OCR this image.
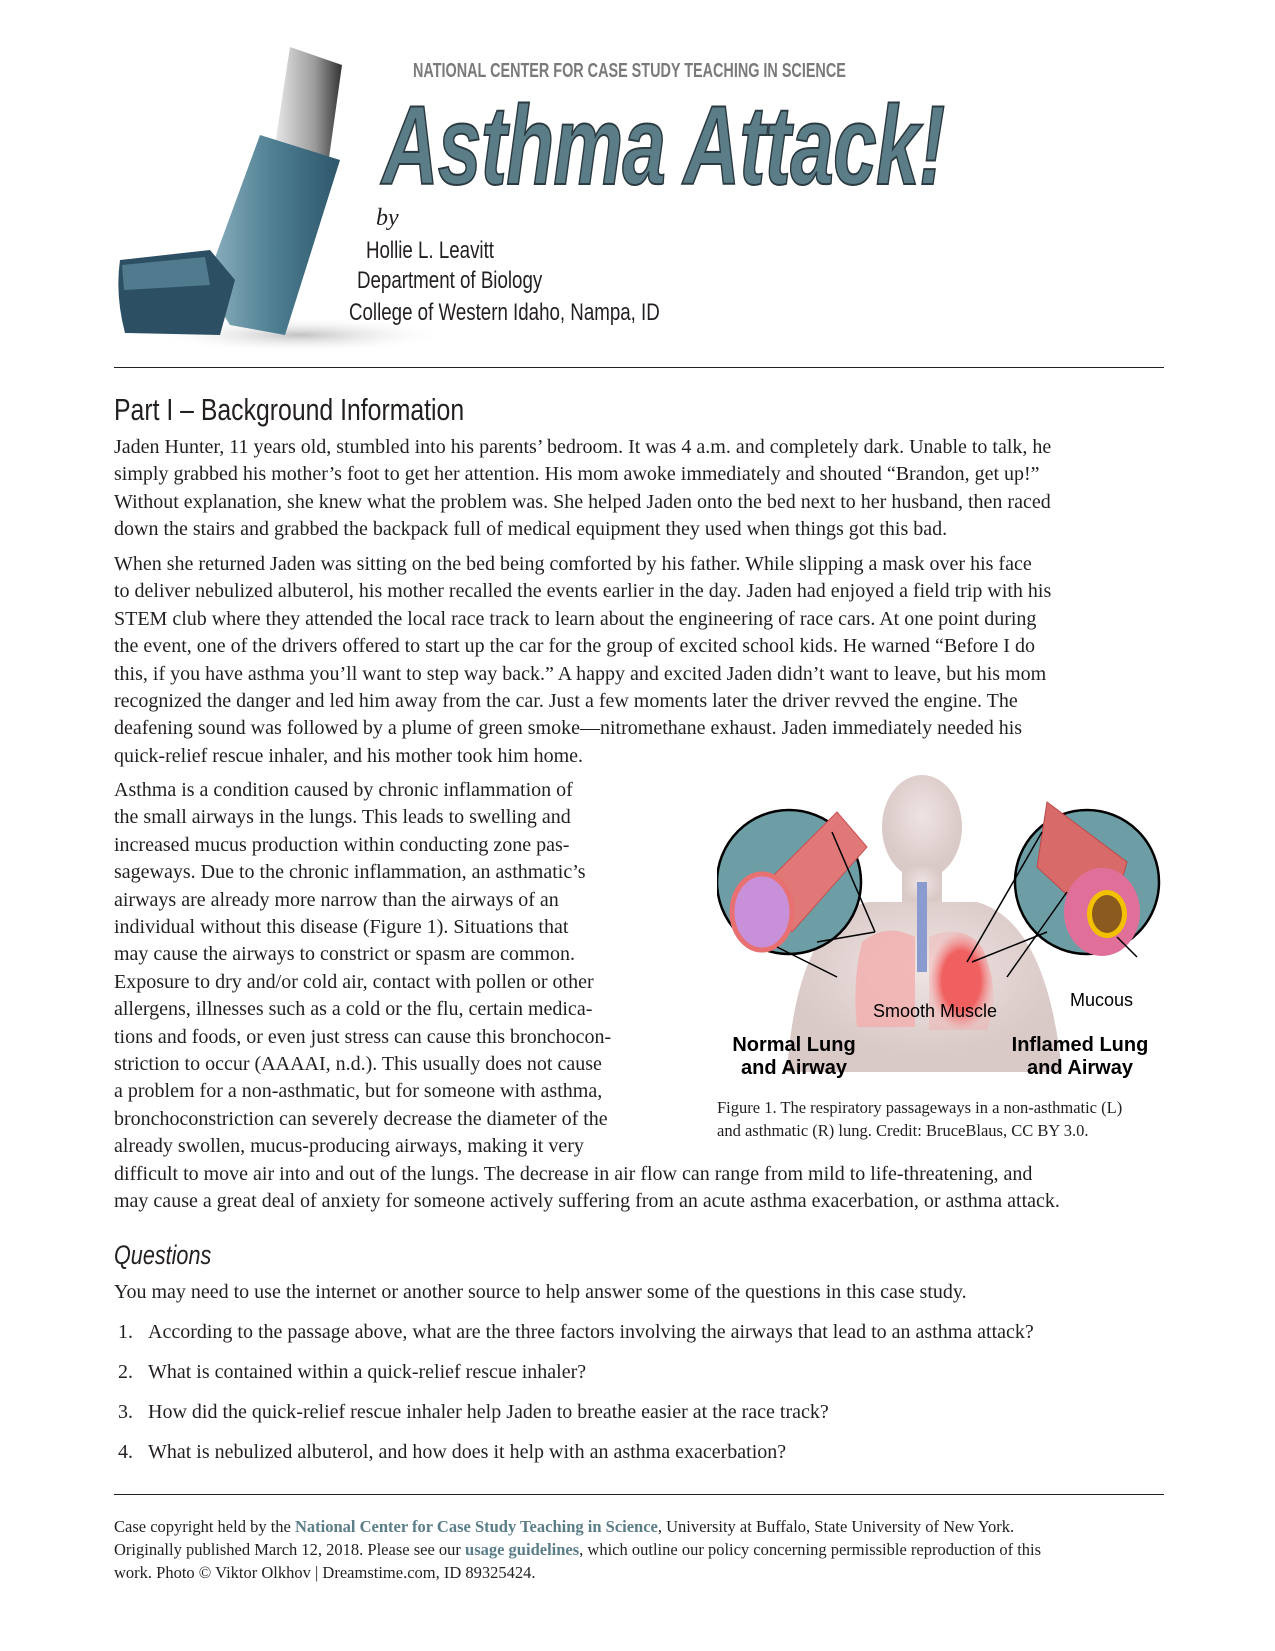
NATIONAL CENTER FOR CASE STUDY TEACHING IN SCIENCE
Asthma Attack!
by
Hollie L. Leavitt
Department of Biology
College of Western Idaho, Nampa, ID
Part I – Background Information
Jaden Hunter, 11 years old, stumbled into his parents’ bedroom. It was 4 a.m. and completely dark. Unable to talk, he
simply grabbed his mother’s foot to get her attention. His mom awoke immediately and shouted “Brandon, get up!”
Without explanation, she knew what the problem was. She helped Jaden onto the bed next to her husband, then raced
down the stairs and grabbed the backpack full of medical equipment they used when things got this bad.
When she returned Jaden was sitting on the bed being comforted by his father. While slipping a mask over his face
to deliver nebulized albuterol, his mother recalled the events earlier in the day. Jaden had enjoyed a field trip with his
STEM club where they attended the local race track to learn about the engineering of race cars. At one point during
the event, one of the drivers offered to start up the car for the group of excited school kids. He warned “Before I do
this, if you have asthma you’ll want to step way back.” A happy and excited Jaden didn’t want to leave, but his mom
recognized the danger and led him away from the car. Just a few moments later the driver revved the engine. The
deafening sound was followed by a plume of green smoke—nitromethane exhaust. Jaden immediately needed his
quick-relief rescue inhaler, and his mother took him home.
Asthma is a condition caused by chronic inflammation of
the small airways in the lungs. This leads to swelling and
increased mucus production within conducting zone pas-
sageways. Due to the chronic inflammation, an asthmatic’s
airways are already more narrow than the airways of an
individual without this disease (Figure 1). Situations that
may cause the airways to constrict or spasm are common.
Exposure to dry and/or cold air, contact with pollen or other
allergens, illnesses such as a cold or the flu, certain medica-
tions and foods, or even just stress can cause this bronchocon-
striction to occur (AAAAI, n.d.). This usually does not cause
a problem for a non-asthmatic, but for someone with asthma,
bronchoconstriction can severely decrease the diameter of the
already swollen, mucus-producing airways, making it very
difficult to move air into and out of the lungs. The decrease in air flow can range from mild to life-threatening, and
may cause a great deal of anxiety for someone actively suffering from an acute asthma exacerbation, or asthma attack.
Smooth Muscle
Mucous
Normal Lung
and Airway
Inflamed Lung
and Airway
Figure 1. The respiratory passageways in a non-asthmatic (L)
and asthmatic (R) lung. Credit: BruceBlaus, CC BY 3.0.
Questions
You may need to use the internet or another source to help answer some of the questions in this case study.
1. According to the passage above, what are the three factors involving the airways that lead to an asthma attack?
2. What is contained within a quick-relief rescue inhaler?
3. How did the quick-relief rescue inhaler help Jaden to breathe easier at the race track?
4. What is nebulized albuterol, and how does it help with an asthma exacerbation?
Case copyright held by the National Center for Case Study Teaching in Science, University at Buffalo, State University of New York.
Originally published March 12, 2018. Please see our usage guidelines, which outline our policy concerning permissible reproduction of this
work. Photo © Viktor Olkhov | Dreamstime.com, ID 89325424.
